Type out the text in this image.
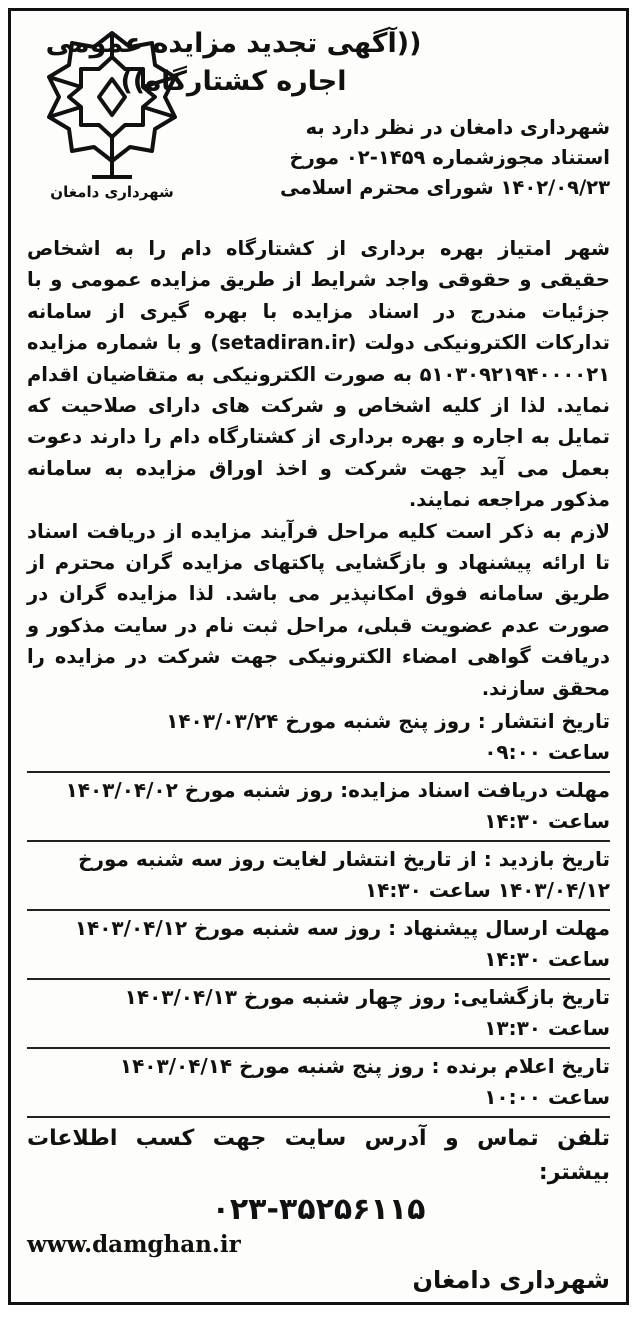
شهرداری دامغان
((آگهی تجدید مزایده عمومی
اجاره کشتارگاه))
شهرداری دامغان در نظر دارد به
استناد مجوزشماره ۱۴۵۹-۰۲ مورخ
۱۴۰۲/۰۹/۲۳ شورای محترم اسلامی
شهر امتیاز بهره برداری از کشتارگاه دام را به اشخاص حقیقی و حقوقی واجد شرایط از طریق مزایده عمومی و با جزئیات مندرج در اسناد مزایده با بهره گیری از سامانه تدارکات الکترونیکی دولت (setadiran.ir) و با شماره مزایده ۵۱۰۳۰۹۲۱۹۴۰۰۰۰۲۱ به صورت الکترونیکی به متقاضیان اقدام نماید. لذا از کلیه اشخاص و شرکت های دارای صلاحیت که تمایل به اجاره و بهره برداری از کشتارگاه دام را دارند دعوت بعمل می آید جهت شرکت و اخذ اوراق مزایده به سامانه مذکور مراجعه نمایند.
لازم به ذکر است کلیه مراحل فرآیند مزایده از دریافت اسناد تا ارائه پیشنهاد و بازگشایی پاکتهای مزایده گران محترم از طریق سامانه فوق امکانپذیر می باشد. لذا مزایده گران در صورت عدم عضویت قبلی، مراحل ثبت نام در سایت مذکور و دریافت گواهی امضاء الکترونیکی جهت شرکت در مزایده را محقق سازند.
تاریخ انتشار : روز پنج شنبه مورخ ۱۴۰۳/۰۳/۲۴
ساعت ۰۹:۰۰
مهلت دریافت اسناد مزایده: روز شنبه مورخ ۱۴۰۳/۰۴/۰۲
ساعت ۱۴:۳۰
تاریخ بازدید : از تاریخ انتشار لغایت روز سه شنبه مورخ
۱۴۰۳/۰۴/۱۲ ساعت ۱۴:۳۰
مهلت ارسال پیشنهاد : روز سه شنبه مورخ ۱۴۰۳/۰۴/۱۲
ساعت ۱۴:۳۰
تاریخ بازگشایی: روز چهار شنبه مورخ ۱۴۰۳/۰۴/۱۳
ساعت ۱۳:۳۰
تاریخ اعلام برنده : روز پنج شنبه مورخ ۱۴۰۳/۰۴/۱۴
ساعت ۱۰:۰۰
تلفن تماس و آدرس سایت جهت کسب اطلاعات بیشتر:
۰۲۳-۳۵۲۵۶۱۱۵
www.damghan.ir
شهرداری دامغان
